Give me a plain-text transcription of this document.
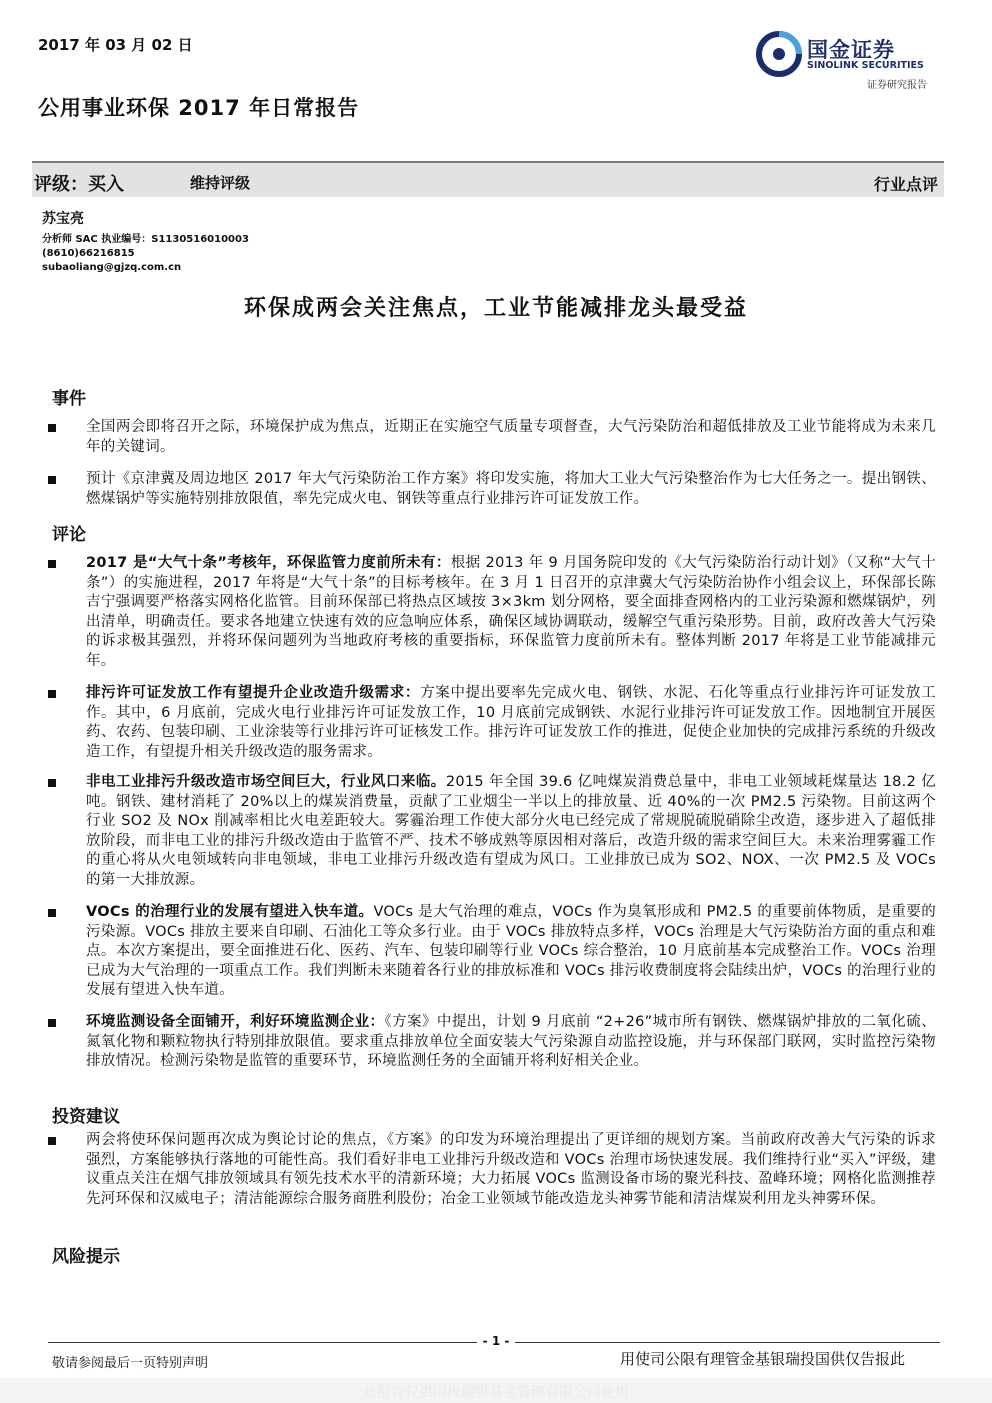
2017 年 03 月 02 日	国金证券
SINOLINK SECURITIES
证券研究报告
公用事业环保 2017 年日常报告
评级：买入	维持评级	行业点评
苏宝亮
分析师 SAC 执业编号：S1130516010003
(8610)66216815
subaoliang@gjzq.com.cn
环保成两会关注焦点，工业节能减排龙头最受益
事件
全国两会即将召开之际，环境保护成为焦点，近期正在实施空气质量专项督查，大气污染防治和超低排放及工业节能将成为未来几年的关键词。
预计《京津冀及周边地区 2017 年大气污染防治工作方案》将印发实施，将加大工业大气污染整治作为七大任务之一。提出钢铁、燃煤锅炉等实施特别排放限值，率先完成火电、钢铁等重点行业排污许可证发放工作。
评论
2017 是“大气十条”考核年，环保监管力度前所未有：根据 2013 年 9 月国务院印发的《大气污染防治行动计划》（又称“大气十条”）的实施进程，2017 年将是“大气十条”的目标考核年。在 3 月 1 日召开的京津冀大气污染防治协作小组会议上，环保部长陈吉宁强调要严格落实网格化监管。目前环保部已将热点区域按 3×3km 划分网格，要全面排查网格内的工业污染源和燃煤锅炉，列出清单，明确责任。要求各地建立快速有效的应急响应体系，确保区域协调联动，缓解空气重污染形势。目前，政府改善大气污染的诉求极其强烈，并将环保问题列为当地政府考核的重要指标，环保监管力度前所未有。整体判断 2017 年将是工业节能减排元年。
排污许可证发放工作有望提升企业改造升级需求：方案中提出要率先完成火电、钢铁、水泥、石化等重点行业排污许可证发放工作。其中，6 月底前，完成火电行业排污许可证发放工作，10 月底前完成钢铁、水泥行业排污许可证发放工作。因地制宜开展医药、农药、包装印刷、工业涂装等行业排污许可证核发工作。排污许可证发放工作的推进，促使企业加快的完成排污系统的升级改造工作，有望提升相关升级改造的服务需求。
非电工业排污升级改造市场空间巨大，行业风口来临。2015 年全国 39.6 亿吨煤炭消费总量中，非电工业领域耗煤量达 18.2 亿吨。钢铁、建材消耗了 20%以上的煤炭消费量，贡献了工业烟尘一半以上的排放量、近 40%的一次 PM2.5 污染物。目前这两个行业 SO2 及 NOx 削减率相比火电差距较大。雾霾治理工作使大部分火电已经完成了常规脱硫脱硝除尘改造，逐步进入了超低排放阶段，而非电工业的排污升级改造由于监管不严、技术不够成熟等原因相对落后，改造升级的需求空间巨大。未来治理雾霾工作的重心将从火电领域转向非电领域，非电工业排污升级改造有望成为风口。工业排放已成为 SO2、NOX、一次 PM2.5 及 VOCs 的第一大排放源。
VOCs 的治理行业的发展有望进入快车道。VOCs 是大气治理的难点，VOCs 作为臭氧形成和 PM2.5 的重要前体物质，是重要的污染源。VOCs 排放主要来自印刷、石油化工等众多行业。由于 VOCs 排放特点多样，VOCs 治理是大气污染防治方面的重点和难点。本次方案提出，要全面推进石化、医药、汽车、包装印刷等行业 VOCs 综合整治，10 月底前基本完成整治工作。VOCs 治理已成为大气治理的一项重点工作。我们判断未来随着各行业的排放标准和 VOCs 排污收费制度将会陆续出炉，VOCs 的治理行业的发展有望进入快车道。
环境监测设备全面铺开，利好环境监测企业：《方案》中提出，计划 9 月底前 “2+26”城市所有钢铁、燃煤锅炉排放的二氧化硫、氮氧化物和颗粒物执行特别排放限值。要求重点排放单位全面安装大气污染源自动监控设施，并与环保部门联网，实时监控污染物排放情况。检测污染物是监管的重要环节，环境监测任务的全面铺开将利好相关企业。
投资建议
两会将使环保问题再次成为舆论讨论的焦点，《方案》的印发为环境治理提出了更详细的规划方案。当前政府改善大气污染的诉求强烈，方案能够执行落地的可能性高。我们看好非电工业排污升级改造和 VOCs 治理市场快速发展。我们维持行业“买入”评级，建议重点关注在烟气排放领域具有领先技术水平的清新环境；大力拓展 VOCs 监测设备市场的聚光科技、盈峰环境；网格化监测推荐先河环保和汉威电子；清洁能源综合服务商胜利股份；冶金工业领域节能改造龙头神雾节能和清洁煤炭利用龙头神雾环保。
风险提示
- 1 -
敬请参阅最后一页特别声明	用使司公限有理管金基银瑞投国供仅告报此
此报告仅供国投瑞银基金管理有限公司使用
